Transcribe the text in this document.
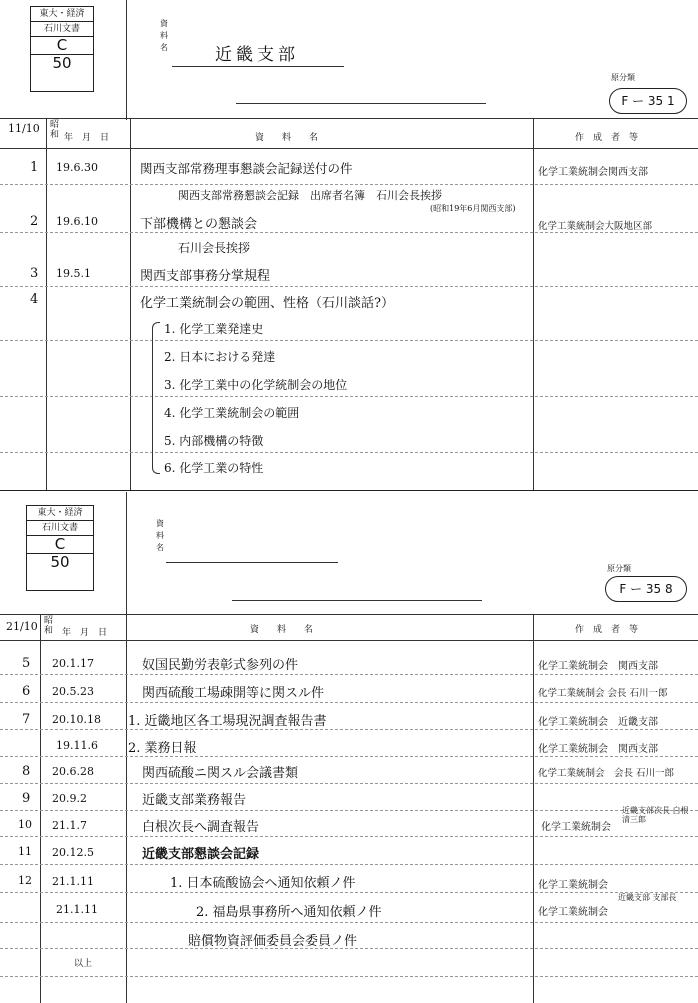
東大・経済
石川文書
C
50
資
料
名	近畿支部
原分類
F ー 35 1
11/10 昭和 年　月　日	資　　料　　名	作　成　者　等
1 19.6.30	関西支部常務理事懇談会記録送付の件	化学工業統制会関西支部
関西支部常務懇談会記録　出席者名簿　石川会長挨拶
(昭和19年6月関西支部)
2 19.6.10	下部機構との懇談会	化学工業統制会大阪地区部
石川会長挨拶
3 19.5.1	関西支部事務分掌規程
4	化学工業統制会の範囲、性格（石川談話?）
1. 化学工業発達史
2. 日本における発達
3. 化学工業中の化学統制会の地位
4. 化学工業統制会の範囲
5. 内部機構の特徴
6. 化学工業の特性
東大・経済
石川文書
C
50
資
料
名
原分類
F ー 35 8
21/10 昭和 年　月　日	資　　料　　名	作　成　者　等
5 20.1.17	奴国民勤労表彰式参列の件	化学工業統制会　関西支部
6 20.5.23	関西硫酸工場疎開等に関スル件	化学工業統制会 会長 石川一郎
7 20.10.18 1. 近畿地区各工場現況調査報告書	化学工業統制会　近畿支部
19.11.6 2. 業務日報	化学工業統制会　関西支部
8 20.6.28	関西硫酸ニ関スル会議書類	化学工業統制会　会長 石川一郎
9 20.9.2	近畿支部業務報告
10 21.1.7	白根次長へ調査報告	化学工業統制会
近畿支部次長 白根清三郎
11 20.12.5	近畿支部懇談会記録
12 21.1.11	1. 日本硫酸協会ヘ通知依頼ノ件	化学工業統制会
21.1.11	2. 福島県事務所へ通知依頼ノ件	化学工業統制会
近畿支部 支部長
賠償物資評価委員会委員ノ件
以上
